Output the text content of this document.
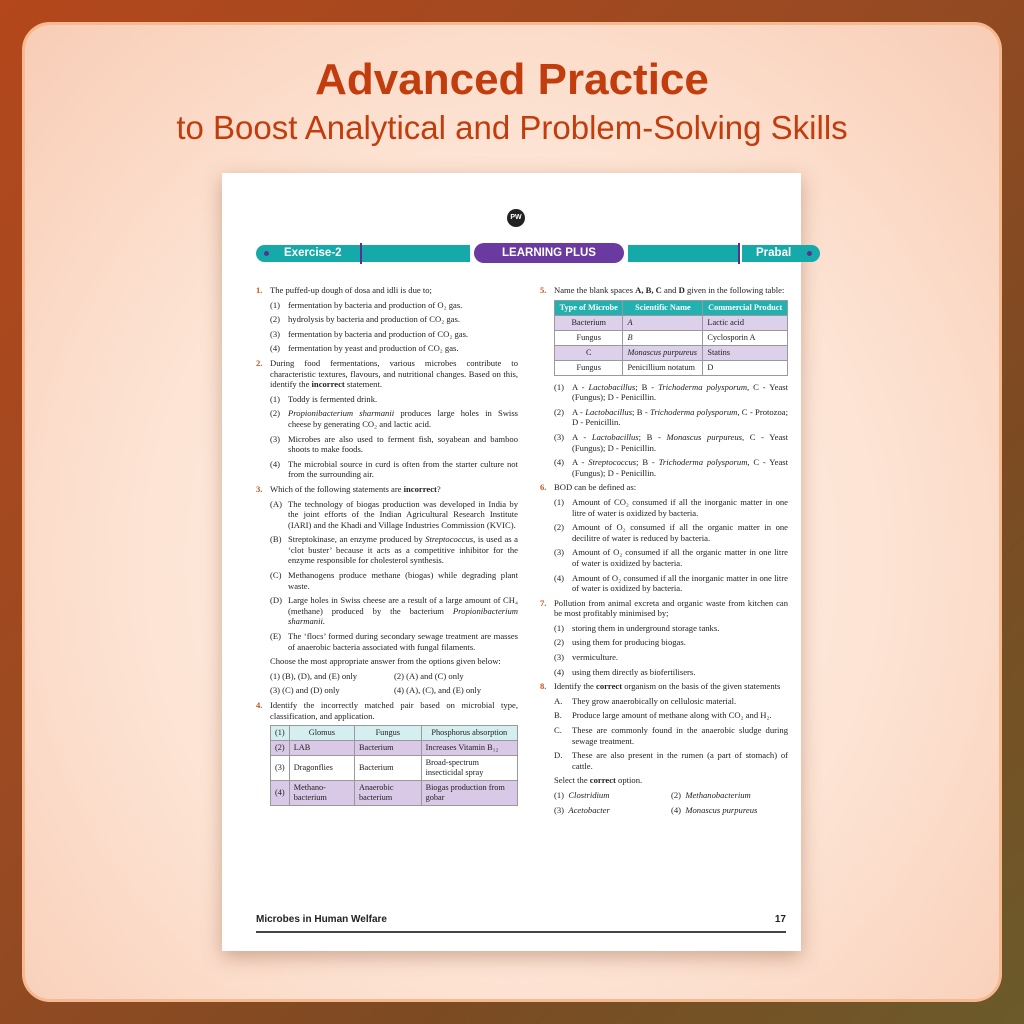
Advanced Practice
to Boost Analytical and Problem-Solving Skills
PW
Exercise-2	LEARNING PLUS	Prabal
1. The puffed-up dough of dosa and idli is due to;
(1) fermentation by bacteria and production of O₂ gas.
(2) hydrolysis by bacteria and production of CO₂ gas.
(3) fermentation by bacteria and production of CO₂ gas.
(4) fermentation by yeast and production of CO₂ gas.
2. During food fermentations, various microbes contribute to characteristic textures, flavours, and nutritional changes. Based on this, identify the incorrect statement.
(1) Toddy is fermented drink.
(2) Propionibacterium sharmanii produces large holes in Swiss cheese by generating CO₂ and lactic acid.
(3) Microbes are also used to ferment fish, soyabean and bamboo shoots to make foods.
(4) The microbial source in curd is often from the starter culture not from the surrounding air.
3. Which of the following statements are incorrect?
(A) The technology of biogas production was developed in India by the joint efforts of the Indian Agricultural Research Institute (IARI) and the Khadi and Village Industries Commission (KVIC).
(B) Streptokinase, an enzyme produced by Streptococcus, is used as a ‘clot buster’ because it acts as a competitive inhibitor for the enzyme responsible for cholesterol synthesis.
(C) Methanogens produce methane (biogas) while degrading plant waste.
(D) Large holes in Swiss cheese are a result of a large amount of CH₄ (methane) produced by the bacterium Propionibacterium sharmanii.
(E) The ‘flocs’ formed during secondary sewage treatment are masses of anaerobic bacteria associated with fungal filaments.
Choose the most appropriate answer from the options given below:
(1) (B), (D), and (E) only	(2) (A) and (C) only
(3) (C) and (D) only	(4) (A), (C), and (E) only
4. Identify the incorrectly matched pair based on microbial type, classification, and application.
(1)	Glomus	Fungus	Phosphorus absorption
(2)	LAB	Bacterium	Increases Vitamin B₁₂
(3)	Dragonflies	Bacterium	Broad-spectrum insecticidal spray
(4)	Methano-bacterium	Anaerobic bacterium	Biogas production from gobar
5. Name the blank spaces A, B, C and D given in the following table:
Type of Microbe	Scientific Name	Commercial Product
Bacterium	A	Lactic acid
Fungus	B	Cyclosporin A
C	Monascus purpureus	Statins
Fungus	Penicillium notatum	D
(1) A - Lactobacillus; B - Trichoderma polysporum, C - Yeast (Fungus); D - Penicillin.
(2) A - Lactobacillus; B - Trichoderma polysporum, C - Protozoa; D - Penicillin.
(3) A - Lactobacillus; B - Monascus purpureus, C - Yeast (Fungus); D - Penicillin.
(4) A - Streptococcus; B - Trichoderma polysporum, C - Yeast (Fungus); D - Penicillin.
6. BOD can be defined as:
(1) Amount of CO₂ consumed if all the inorganic matter in one litre of water is oxidized by bacteria.
(2) Amount of O₂ consumed if all the organic matter in one decilitre of water is reduced by bacteria.
(3) Amount of O₂ consumed if all the organic matter in one litre of water is oxidized by bacteria.
(4) Amount of O₂ consumed if all the inorganic matter in one litre of water is oxidized by bacteria.
7. Pollution from animal excreta and organic waste from kitchen can be most profitably minimised by;
(1) storing them in underground storage tanks.
(2) using them for producing biogas.
(3) vermiculture.
(4) using them directly as biofertilisers.
8. Identify the correct organism on the basis of the given statements
A.	They grow anaerobically on cellulosic material.
B.	Produce large amount of methane along with CO₂ and H₂.
C.	These are commonly found in the anaerobic sludge during sewage treatment.
D.	These are also present in the rumen (a part of stomach) of cattle.
Select the correct option.
(1)  Clostridium	(2)  Methanobacterium
(3)  Acetobacter	(4)  Monascus purpureus
Microbes in Human Welfare	17
